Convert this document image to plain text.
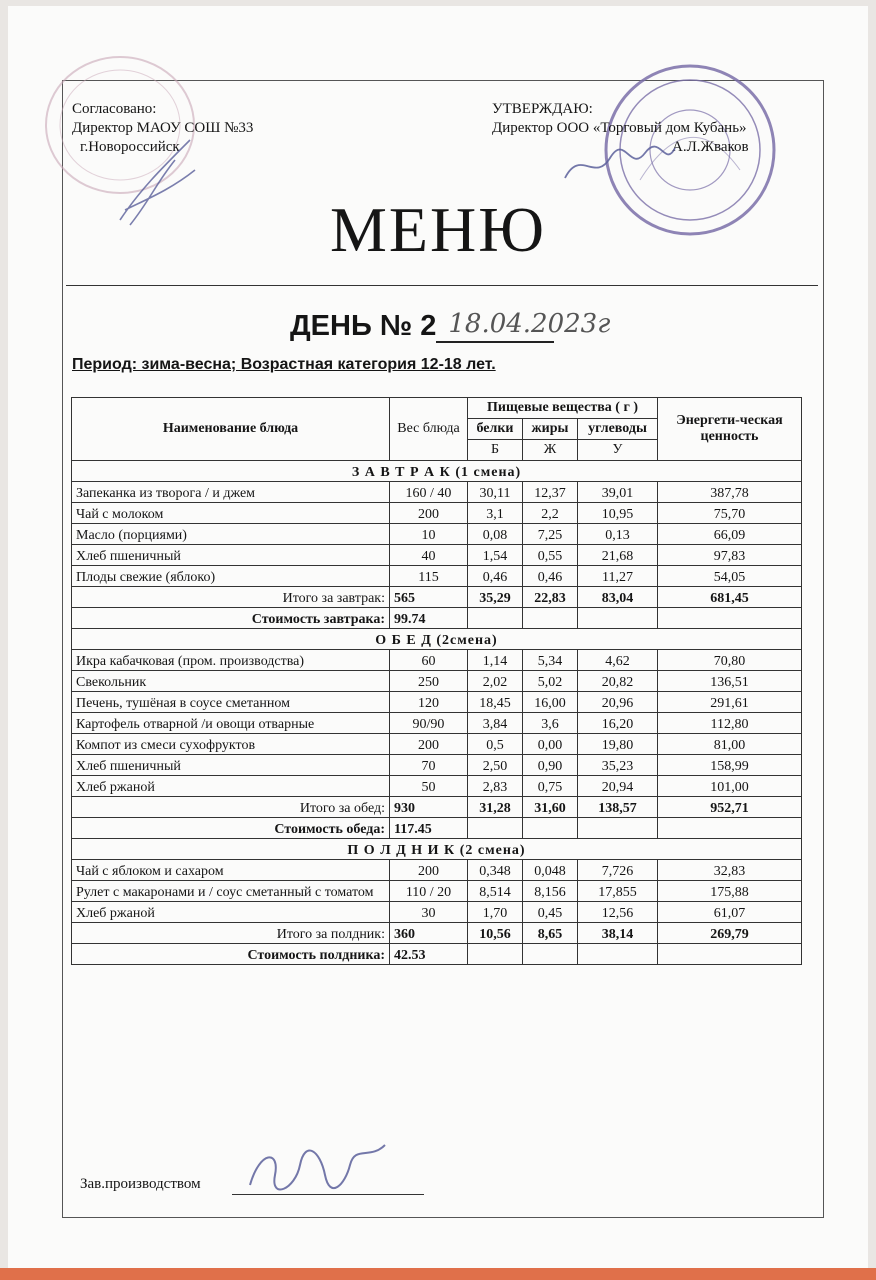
Согласовано:
Директор МАОУ СОШ №33
г.Новороссийск
УТВЕРЖДАЮ:
Директор ООО «Торговый дом Кубань»
А.Л.Жваков
МЕНЮ
ДЕНЬ № 2 18.04.2023г
Период: зима-весна; Возрастная категория 12-18 лет.
Наименование блюда	Вес блюда	Пищевые вещества ( г )			Энергети-ческая ценность
		белки	жиры	углеводы	
		Б	Ж	У	
З А В Т Р А К (1 смена)					
Запеканка из творога / и джем	160 / 40	30,11	12,37	39,01	387,78
Чай с молоком	200	3,1	2,2	10,95	75,70
Масло (порциями)	10	0,08	7,25	0,13	66,09
Хлеб пшеничный	40	1,54	0,55	21,68	97,83
Плоды свежие (яблоко)	115	0,46	0,46	11,27	54,05
Итого за завтрак:	565	35,29	22,83	83,04	681,45
Стоимость завтрака:	99.74				
О Б Е Д (2смена)					
Икра кабачковая (пром. производства)	60	1,14	5,34	4,62	70,80
Свекольник	250	2,02	5,02	20,82	136,51
Печень, тушёная в соусе сметанном	120	18,45	16,00	20,96	291,61
Картофель отварной /и овощи отварные	90/90	3,84	3,6	16,20	112,80
Компот из смеси сухофруктов	200	0,5	0,00	19,80	81,00
Хлеб пшеничный	70	2,50	0,90	35,23	158,99
Хлеб ржаной	50	2,83	0,75	20,94	101,00
Итого за обед:	930	31,28	31,60	138,57	952,71
Стоимость обеда:	117.45				
П О Л Д Н И К (2 смена)					
Чай с яблоком и сахаром	200	0,348	0,048	7,726	32,83
Рулет с макаронами и / соус сметанный с томатом	110 / 20	8,514	8,156	17,855	175,88
Хлеб ржаной	30	1,70	0,45	12,56	61,07
Итого за полдник:	360	10,56	8,65	38,14	269,79
Стоимость полдника:	42.53				
Зав.производством
